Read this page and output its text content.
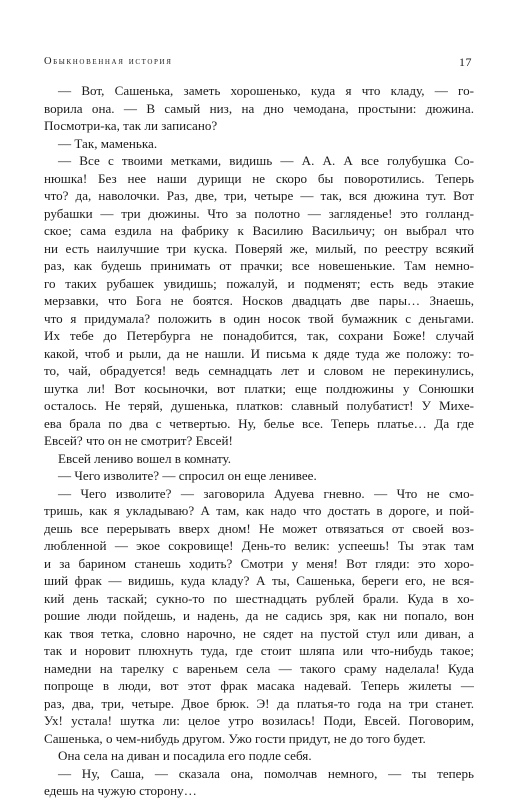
Обыкновенная история	17
— Вот, Сашенька, заметь хорошенько, куда я что кладу, — го-
ворила она. — В самый низ, на дно чемодана, простыни: дюжина.
Посмотри-ка, так ли записано?
— Так, маменька.
— Все с твоими метками, видишь — А. А. А все голубушка Со-
нюшка! Без нее наши дурищи не скоро бы поворотились. Теперь
что? да, наволочки. Раз, две, три, четыре — так, вся дюжина тут. Вот
рубашки — три дюжины. Что за полотно — загляденье! это голланд-
ское; сама ездила на фабрику к Василию Васильичу; он выбрал что
ни есть наилучшие три куска. Поверяй же, милый, по реестру всякий
раз, как будешь принимать от прачки; все новешенькие. Там немно-
го таких рубашек увидишь; пожалуй, и подменят; есть ведь этакие
мерзавки, что Бога не боятся. Носков двадцать две пары… Знаешь,
что я придумала? положить в один носок твой бумажник с деньгами.
Их тебе до Петербурга не понадобится, так, сохрани Боже! случай
какой, чтоб и рыли, да не нашли. И письма к дяде туда же положу: то-
то, чай, обрадуется! ведь семнадцать лет и словом не перекинулись,
шутка ли! Вот косыночки, вот платки; еще полдюжины у Сонюшки
осталось. Не теряй, душенька, платков: славный полубатист! У Михе-
ева брала по два с четвертью. Ну, белье все. Теперь платье… Да где
Евсей? что он не смотрит? Евсей!
Евсей лениво вошел в комнату.
— Чего изволите? — спросил он еще ленивее.
— Чего изволите? — заговорила Адуева гневно. — Что не смо-
тришь, как я укладываю? А там, как надо что достать в дороге, и пой-
дешь все перерывать вверх дном! Не может отвязаться от своей воз-
любленной — экое сокровище! День-то велик: успеешь! Ты этак там
и за барином станешь ходить? Смотри у меня! Вот гляди: это хоро-
ший фрак — видишь, куда кладу? А ты, Сашенька, береги его, не вся-
кий день таскай; сукно-то по шестнадцать рублей брали. Куда в хо-
рошие люди пойдешь, и надень, да не садись зря, как ни попало, вон
как твоя тетка, словно нарочно, не сядет на пустой стул или диван, а
так и норовит плюхнуть туда, где стоит шляпа или что-нибудь такое;
намедни на тарелку с вареньем села — такого сраму наделала! Куда
попроще в люди, вот этот фрак масака надевай. Теперь жилеты —
раз, два, три, четыре. Двое брюк. Э! да платья-то года на три станет.
Ух! устала! шутка ли: целое утро возилась! Поди, Евсей. Поговорим,
Сашенька, о чем-нибудь другом. Ужо гости придут, не до того будет.
Она села на диван и посадила его подле себя.
— Ну, Саша, — сказала она, помолчав немного, — ты теперь
едешь на чужую сторону…
